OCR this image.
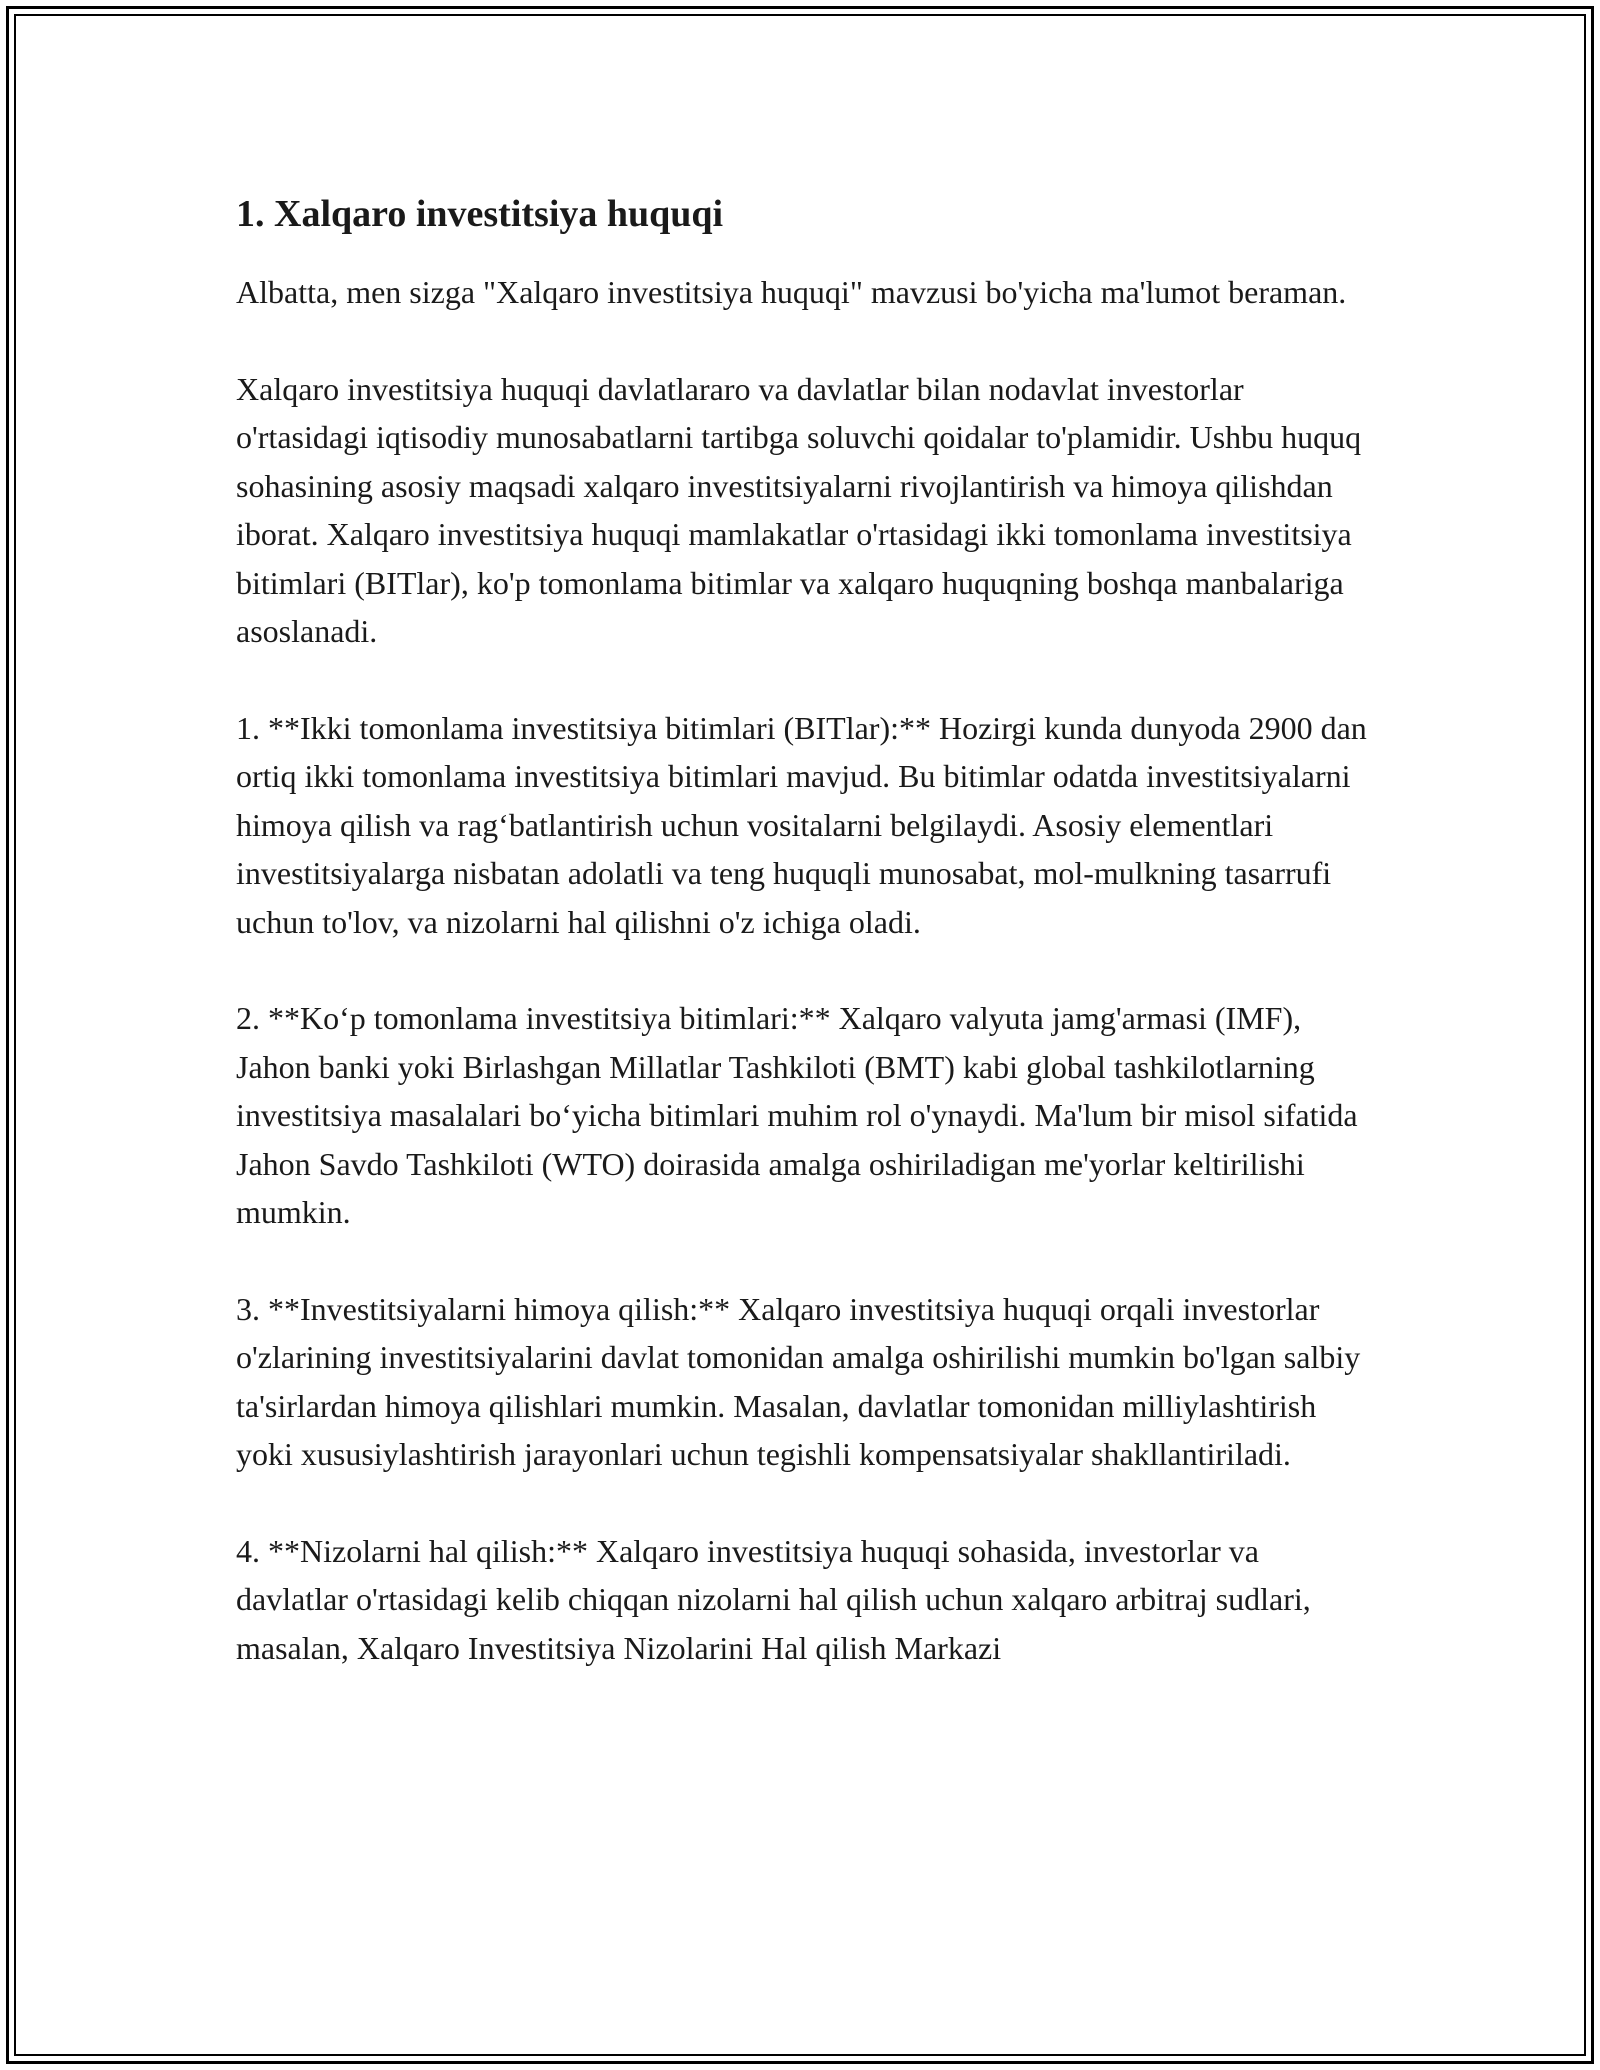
1. Xalqaro investitsiya huquqi

Albatta, men sizga "Xalqaro investitsiya huquqi" mavzusi bo'yicha ma'lumot beraman.

Xalqaro investitsiya huquqi davlatlararo va davlatlar bilan nodavlat investorlar o'rtasidagi iqtisodiy munosabatlarni tartibga soluvchi qoidalar to'plamidir. Ushbu huquq sohasining asosiy maqsadi xalqaro investitsiyalarni rivojlantirish va himoya qilishdan iborat. Xalqaro investitsiya huquqi mamlakatlar o'rtasidagi ikki tomonlama investitsiya bitimlari (BITlar), ko'p tomonlama bitimlar va xalqaro huquqning boshqa manbalariga asoslanadi.

1. **Ikki tomonlama investitsiya bitimlari (BITlar):** Hozirgi kunda dunyoda 2900 dan ortiq ikki tomonlama investitsiya bitimlari mavjud. Bu bitimlar odatda investitsiyalarni himoya qilish va rag‘batlantirish uchun vositalarni belgilaydi. Asosiy elementlari investitsiyalarga nisbatan adolatli va teng huquqli munosabat, mol-mulkning tasarrufi uchun to'lov, va nizolarni hal qilishni o'z ichiga oladi.

2. **Ko‘p tomonlama investitsiya bitimlari:** Xalqaro valyuta jamg'armasi (IMF), Jahon banki yoki Birlashgan Millatlar Tashkiloti (BMT) kabi global tashkilotlarning investitsiya masalalari bo‘yicha bitimlari muhim rol o'ynaydi. Ma'lum bir misol sifatida Jahon Savdo Tashkiloti (WTO) doirasida amalga oshiriladigan me'yorlar keltirilishi mumkin.

3. **Investitsiyalarni himoya qilish:** Xalqaro investitsiya huquqi orqali investorlar o'zlarining investitsiyalarini davlat tomonidan amalga oshirilishi mumkin bo'lgan salbiy ta'sirlardan himoya qilishlari mumkin. Masalan, davlatlar tomonidan milliylashtirish yoki xususiylashtirish jarayonlari uchun tegishli kompensatsiyalar shakllantiriladi.

4. **Nizolarni hal qilish:** Xalqaro investitsiya huquqi sohasida, investorlar va davlatlar o'rtasidagi kelib chiqqan nizolarni hal qilish uchun xalqaro arbitraj sudlari, masalan, Xalqaro Investitsiya Nizolarini Hal qilish Markazi
